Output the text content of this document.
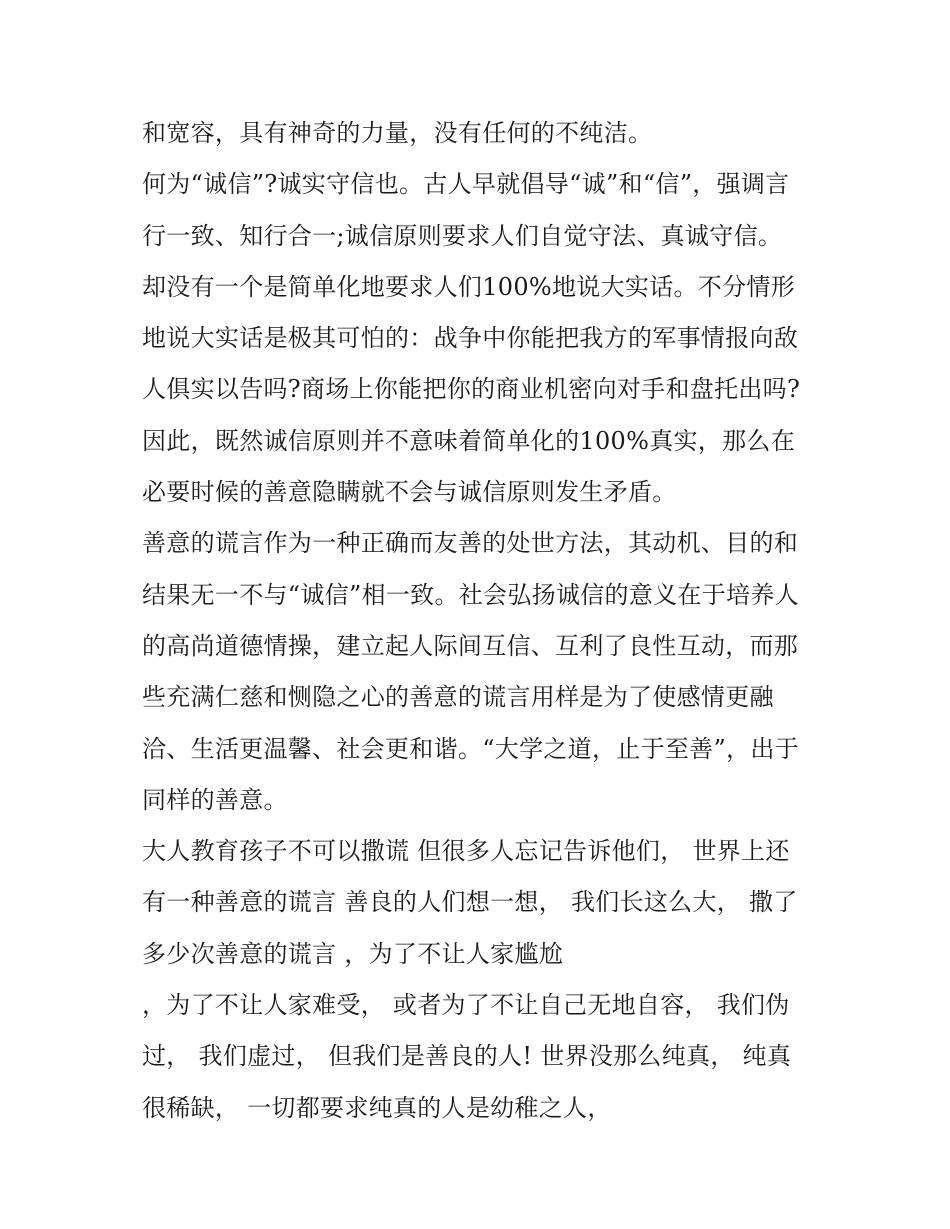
和宽容，具有神奇的力量，没有任何的不纯洁。
何为“诚信”?诚实守信也。古人早就倡导“诚”和“信”，强调言
行一致、知行合一;诚信原则要求人们自觉守法、真诚守信。
却没有一个是简单化地要求人们100%地说大实话。不分情形
地说大实话是极其可怕的：战争中你能把我方的军事情报向敌
人俱实以告吗?商场上你能把你的商业机密向对手和盘托出吗?
因此，既然诚信原则并不意味着简单化的100%真实，那么在
必要时候的善意隐瞒就不会与诚信原则发生矛盾。
善意的谎言作为一种正确而友善的处世方法，其动机、目的和
结果无一不与“诚信”相一致。社会弘扬诚信的意义在于培养人
的高尚道德情操，建立起人际间互信、互利了良性互动，而那
些充满仁慈和恻隐之心的善意的谎言用样是为了使感情更融
洽、生活更温馨、社会更和谐。“大学之道，止于至善”，出于
同样的善意。
大人教育孩子不可以撒谎 但很多人忘记告诉他们， 世界上还
有一种善意的谎言 善良的人们想一想， 我们长这么大， 撒了
多少次善意的谎言 ，为了不让人家尴尬
，为了不让人家难受， 或者为了不让自己无地自容， 我们伪
过， 我们虚过， 但我们是善良的人! 世界没那么纯真， 纯真
很稀缺， 一切都要求纯真的人是幼稚之人，
